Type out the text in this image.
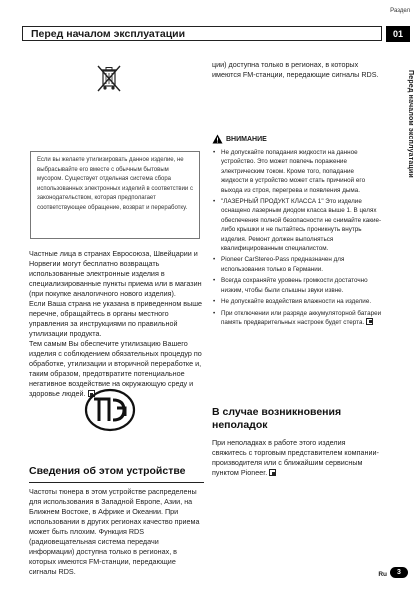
Раздел
Перед началом эксплуатации	01
Перед началом эксплуатации
Если вы желаете утилизировать данное изделие, не выбрасывайте его вместе с обычным бытовым мусором. Существует отдельная система сбора использованных электронных изделий в соответствии с законодательством, которая предполагает соответствующее обращение, возврат и переработку.
Частные лица в странах Евросоюза, Швейцарии и Норвегии могут бесплатно возвращать использованные электронные изделия в специализированные пункты приема или в магазин (при покупке аналогичного нового изделия).
Если Ваша страна не указана в приведенном выше перечне, обращайтесь в органы местного управления за инструкциями по правильной утилизации продукта.
Тем самым Вы обеспечите утилизацию Вашего изделия с соблюдением обязательных процедур по обработке, утилизации и вторичной переработке и, таким образом, предотвратите потенциальное негативное воздействие на окружающую среду и здоровье людей.
Сведения об этом устройстве
Частоты тюнера в этом устройстве распределены для использования в Западной Европе, Азии, на Ближнем Востоке, в Африке и Океании. При использовании в других регионах качество приема может быть плохим. Функция RDS (радиовещательная система передачи информации) доступна только в регионах, в которых имеются FM-станции, передающие сигналы RDS.
ции) доступна только в регионах, в которых имеются FM-станции, передающие сигналы RDS.
ВНИМАНИЕ
• Не допускайте попадания жидкости на данное устройство. Это может повлечь поражение электрическим током. Кроме того, попадание жидкости в устройство может стать причиной его выхода из строя, перегрева и появления дыма.
• "ЛАЗЕРНЫЙ ПРОДУКТ КЛАССА 1" Это изделие оснащено лазерным диодом класса выше 1. В целях обеспечения полной безопасности не снимайте какие-либо крышки и не пытайтесь проникнуть внутрь изделия. Ремонт должен выполняться квалифицированным специалистом.
• Pioneer CarStereo-Pass предназначен для использования только в Германии.
• Всегда сохраняйте уровень громкости достаточно низким, чтобы были слышны звуки извне.
• Не допускайте воздействия влажности на изделие.
• При отключении или разряде аккумуляторной батареи память предварительных настроек будет стерта.
В случае возникновения неполадок
При неполадках в работе этого изделия свяжитесь с торговым представителем компании-производителя или с ближайшим сервисным пунктом Pioneer.
Ru	3
